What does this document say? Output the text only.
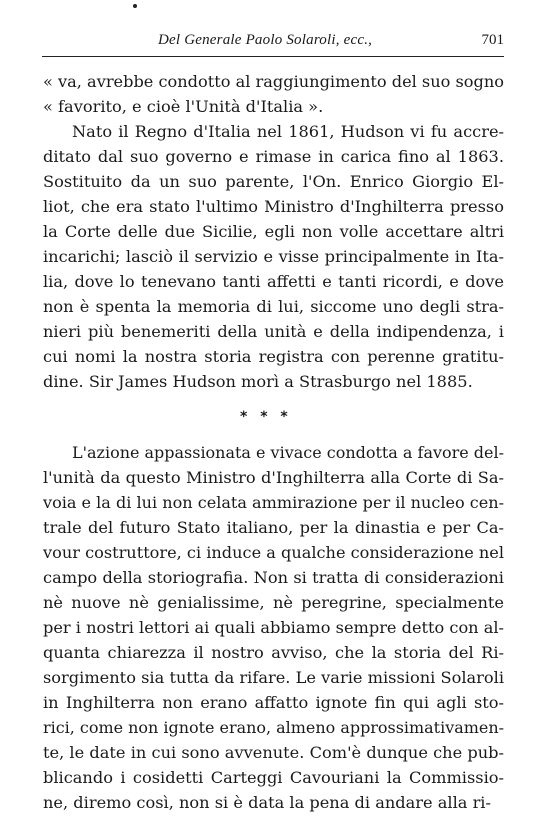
Del Generale Paolo Solaroli, ecc.,	701
« va, avrebbe condotto al raggiungimento del suo sogno
« favorito, e cioè l'Unità d'Italia ».
Nato il Regno d'Italia nel 1861, Hudson vi fu accre-
ditato dal suo governo e rimase in carica fino al 1863.
Sostituito da un suo parente, l'On. Enrico Giorgio El-
liot, che era stato l'ultimo Ministro d'Inghilterra presso
la Corte delle due Sicilie, egli non volle accettare altri
incarichi; lasciò il servizio e visse principalmente in Ita-
lia, dove lo tenevano tanti affetti e tanti ricordi, e dove
non è spenta la memoria di lui, siccome uno degli stra-
nieri più benemeriti della unità e della indipendenza, i
cui nomi la nostra storia registra con perenne gratitu-
dine. Sir James Hudson morì a Strasburgo nel 1885.
* * *
L'azione appassionata e vivace condotta a favore del-
l'unità da questo Ministro d'Inghilterra alla Corte di Sa-
voia e la di lui non celata ammirazione per il nucleo cen-
trale del futuro Stato italiano, per la dinastia e per Ca-
vour costruttore, ci induce a qualche considerazione nel
campo della storiografia. Non si tratta di considerazioni
nè nuove nè genialissime, nè peregrine, specialmente
per i nostri lettori ai quali abbiamo sempre detto con al-
quanta chiarezza il nostro avviso, che la storia del Ri-
sorgimento sia tutta da rifare. Le varie missioni Solaroli
in Inghilterra non erano affatto ignote fin qui agli sto-
rici, come non ignote erano, almeno approssimativamen-
te, le date in cui sono avvenute. Com'è dunque che pub-
blicando i cosidetti Carteggi Cavouriani la Commissio-
ne, diremo così, non si è data la pena di andare alla ri-
